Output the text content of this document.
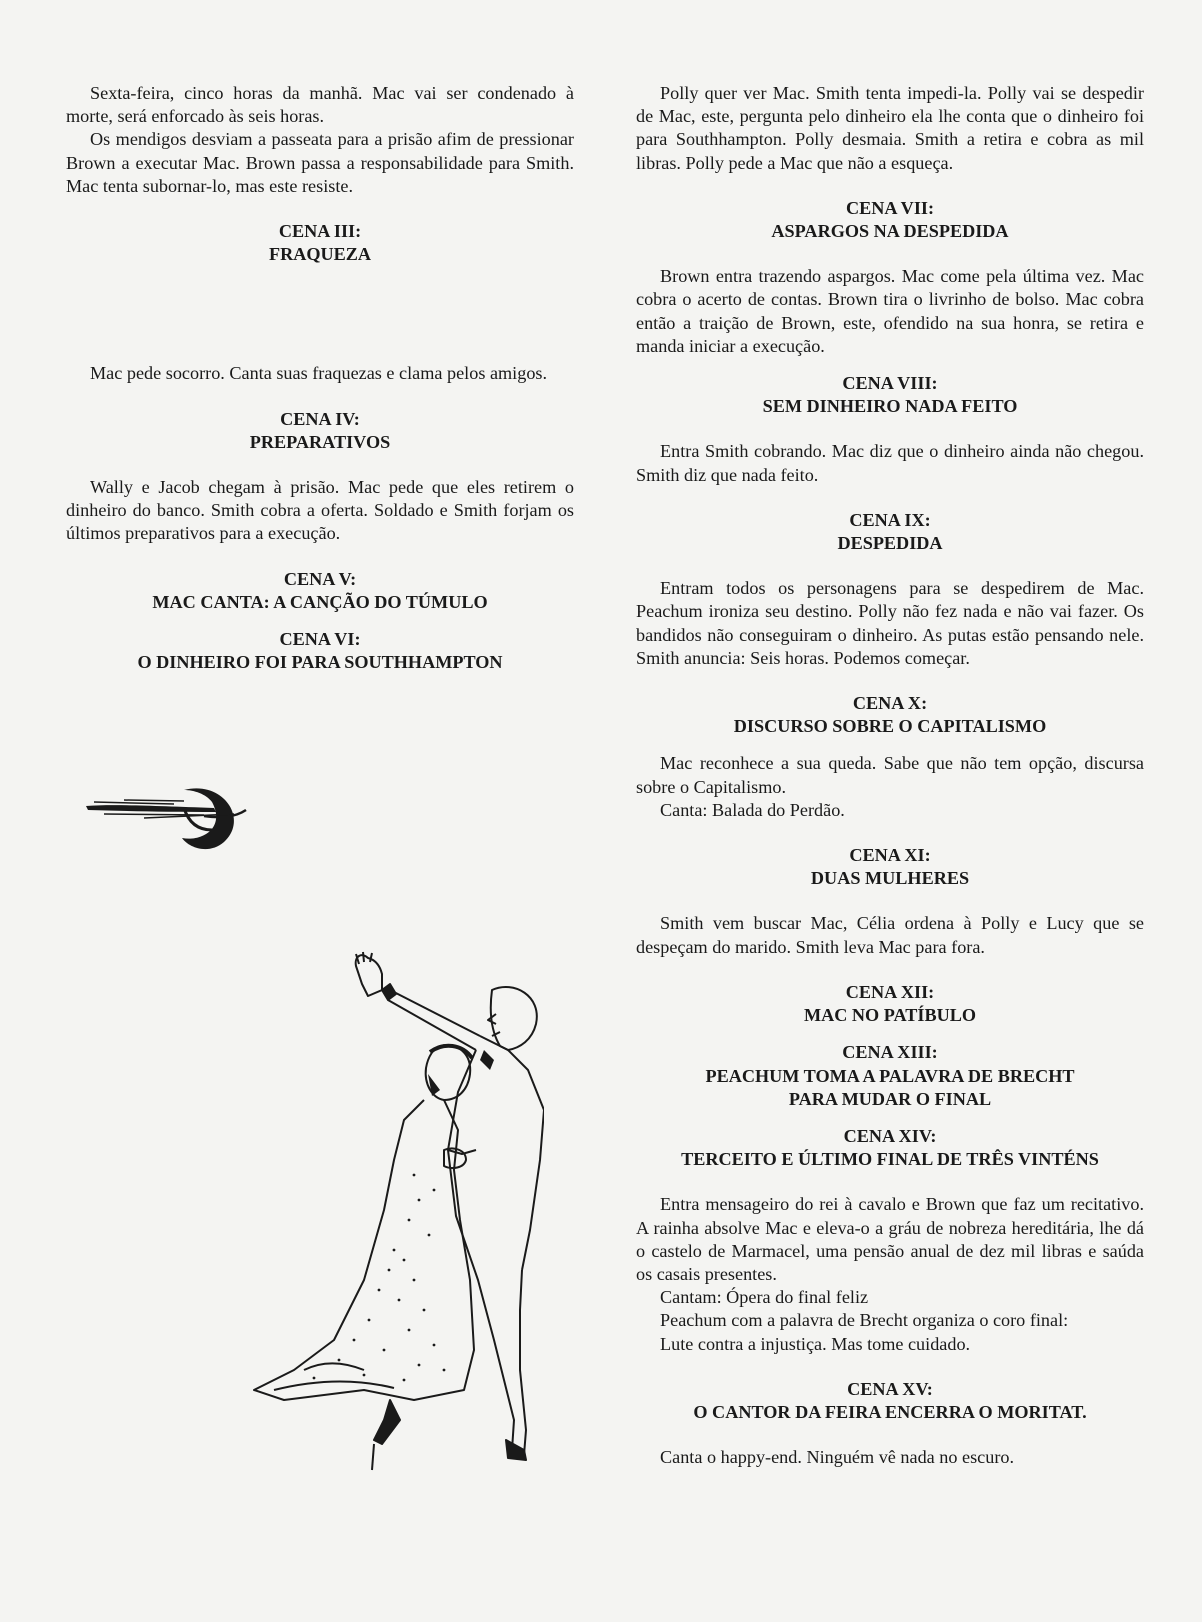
Sexta-feira, cinco horas da manhã. Mac vai ser condenado à morte, será enforcado às seis horas.

Os mendigos desviam a passeata para a prisão afim de pressionar Brown a executar Mac. Brown passa a responsabilidade para Smith. Mac tenta subornar-lo, mas este resiste.

CENA III:
FRAQUEZA

Mac pede socorro. Canta suas fraquezas e clama pelos amigos.

CENA IV:
PREPARATIVOS

Wally e Jacob chegam à prisão. Mac pede que eles retirem o dinheiro do banco. Smith cobra a oferta. Soldado e Smith forjam os últimos preparativos para a execução.

CENA V:
MAC CANTA: A CANÇÃO DO TÚMULO
CENA VI:
O DINHEIRO FOI PARA SOUTHHAMPTON

Polly quer ver Mac. Smith tenta impedi-la. Polly vai se despedir de Mac, este, pergunta pelo dinheiro ela lhe conta que o dinheiro foi para Southhampton. Polly desmaia. Smith a retira e cobra as mil libras. Polly pede a Mac que não a esqueça.

CENA VII:
ASPARGOS NA DESPEDIDA

Brown entra trazendo aspargos. Mac come pela última vez. Mac cobra o acerto de contas. Brown tira o livrinho de bolso. Mac cobra então a traição de Brown, este, ofendido na sua honra, se retira e manda iniciar a execução.

CENA VIII:
SEM DINHEIRO NADA FEITO

Entra Smith cobrando. Mac diz que o dinheiro ainda não chegou. Smith diz que nada feito.

CENA IX:
DESPEDIDA

Entram todos os personagens para se despedirem de Mac. Peachum ironiza seu destino. Polly não fez nada e não vai fazer. Os bandidos não conseguiram o dinheiro. As putas estão pensando nele. Smith anuncia: Seis horas. Podemos começar.

CENA X:
DISCURSO SOBRE O CAPITALISMO

Mac reconhece a sua queda. Sabe que não tem opção, discursa sobre o Capitalismo.

Canta: Balada do Perdão.

CENA XI:
DUAS MULHERES

Smith vem buscar Mac, Célia ordena à Polly e Lucy que se despeçam do marido. Smith leva Mac para fora.

CENA XII:
MAC NO PATÍBULO
CENA XIII:
PEACHUM TOMA A PALAVRA DE BRECHT
PARA MUDAR O FINAL
CENA XIV:
TERCEITO E ÚLTIMO FINAL DE TRÊS VINTÉNS

Entra mensageiro do rei à cavalo e Brown que faz um recitativo. A rainha absolve Mac e eleva-o a gráu de nobreza hereditária, lhe dá o castelo de Marmacel, uma pensão anual de dez mil libras e saúda os casais presentes.

Cantam: Ópera do final feliz

Peachum com a palavra de Brecht organiza o coro final:

Lute contra a injustiça. Mas tome cuidado.

CENA XV:
O CANTOR DA FEIRA ENCERRA O MORITAT.

Canta o happy-end. Ninguém vê nada no escuro.
